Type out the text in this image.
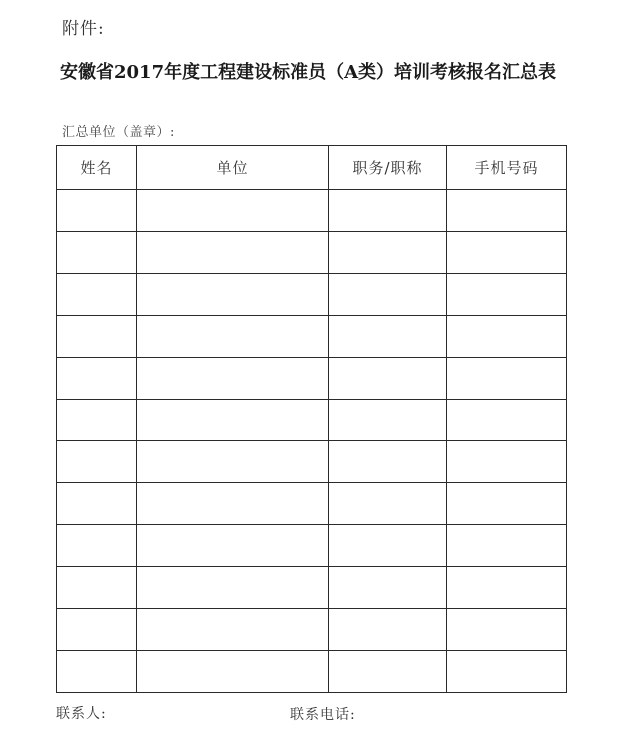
附件:
安徽省2017年度工程建设标准员（A类）培训考核报名汇总表
汇总单位（盖章）:
姓名	单位	职务/职称	手机号码

联系人:	联系电话:
